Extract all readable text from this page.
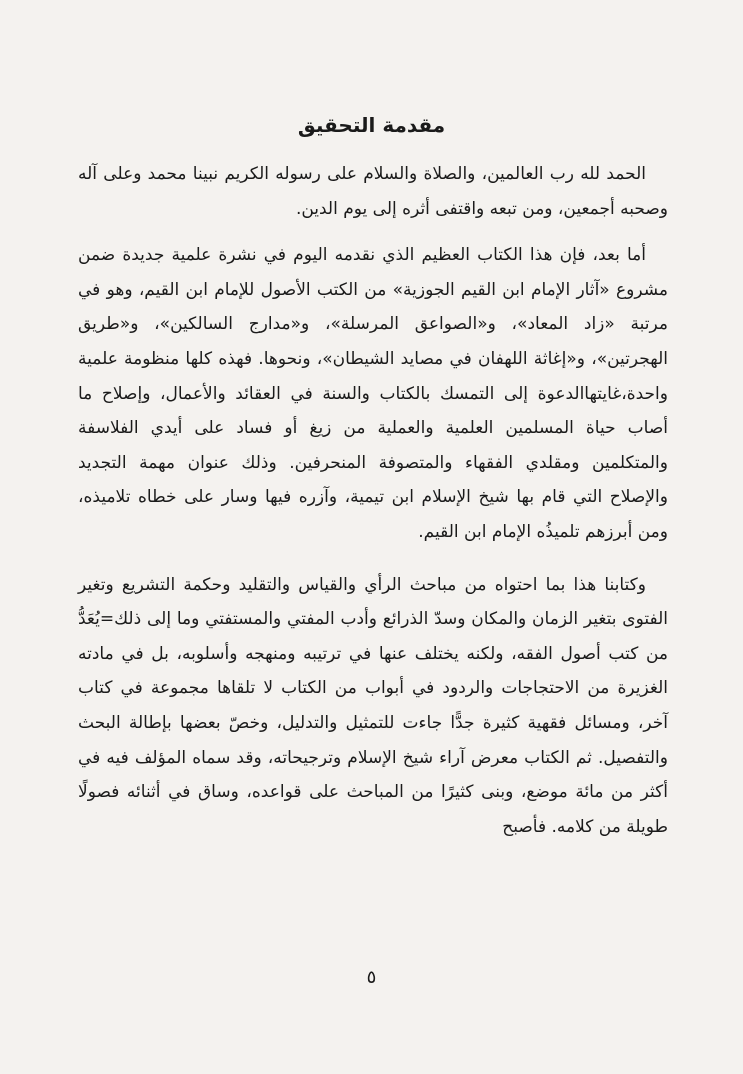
مقدمة التحقيق

الحمد لله رب العالمين، والصلاة والسلام على رسوله الكريم نبينا محمد وعلى آله وصحبه أجمعين، ومن تبعه واقتفى أثره إلى يوم الدين.

أما بعد، فإن هذا الكتاب العظيم الذي نقدمه اليوم في نشرة علمية جديدة ضمن مشروع «آثار الإمام ابن القيم الجوزية» من الكتب الأصول للإمام ابن القيم، وهو في مرتبة «زاد المعاد»، و«الصواعق المرسلة»، و«مدارج السالكين»، و«طريق الهجرتين»، و«إغاثة اللهفان في مصايد الشيطان»، ونحوها. فهذه كلها منظومة علمية واحدة،غايتهاالدعوة إلى التمسك بالكتاب والسنة في العقائد والأعمال، وإصلاح ما أصاب حياة المسلمين العلمية والعملية من زيغ أو فساد على أيدي الفلاسفة والمتكلمين ومقلدي الفقهاء والمتصوفة المنحرفين. وذلك عنوان مهمة التجديد والإصلاح التي قام بها شيخ الإسلام ابن تيمية، وآزره فيها وسار على خطاه تلاميذه، ومن أبرزهم تلميذُه الإمام ابن القيم.

وكتابنا هذا بما احتواه من مباحث الرأي والقياس والتقليد وحكمة التشريع وتغير الفتوى بتغير الزمان والمكان وسدّ الذرائع وأدب المفتي والمستفتي وما إلى ذلك=يُعَدُّ من كتب أصول الفقه، ولكنه يختلف عنها في ترتيبه ومنهجه وأسلوبه، بل في مادته الغزيرة من الاحتجاجات والردود في أبواب من الكتاب لا تلقاها مجموعة في كتاب آخر، ومسائل فقهية كثيرة جدًّا جاءت للتمثيل والتدليل، وخصّ بعضها بإطالة البحث والتفصيل. ثم الكتاب معرض آراء شيخ الإسلام وترجيحاته، وقد سماه المؤلف فيه في أكثر من مائة موضع، وبنى كثيرًا من المباحث على قواعده، وساق في أثنائه فصولًا طويلة من كلامه. فأصبح

٥
